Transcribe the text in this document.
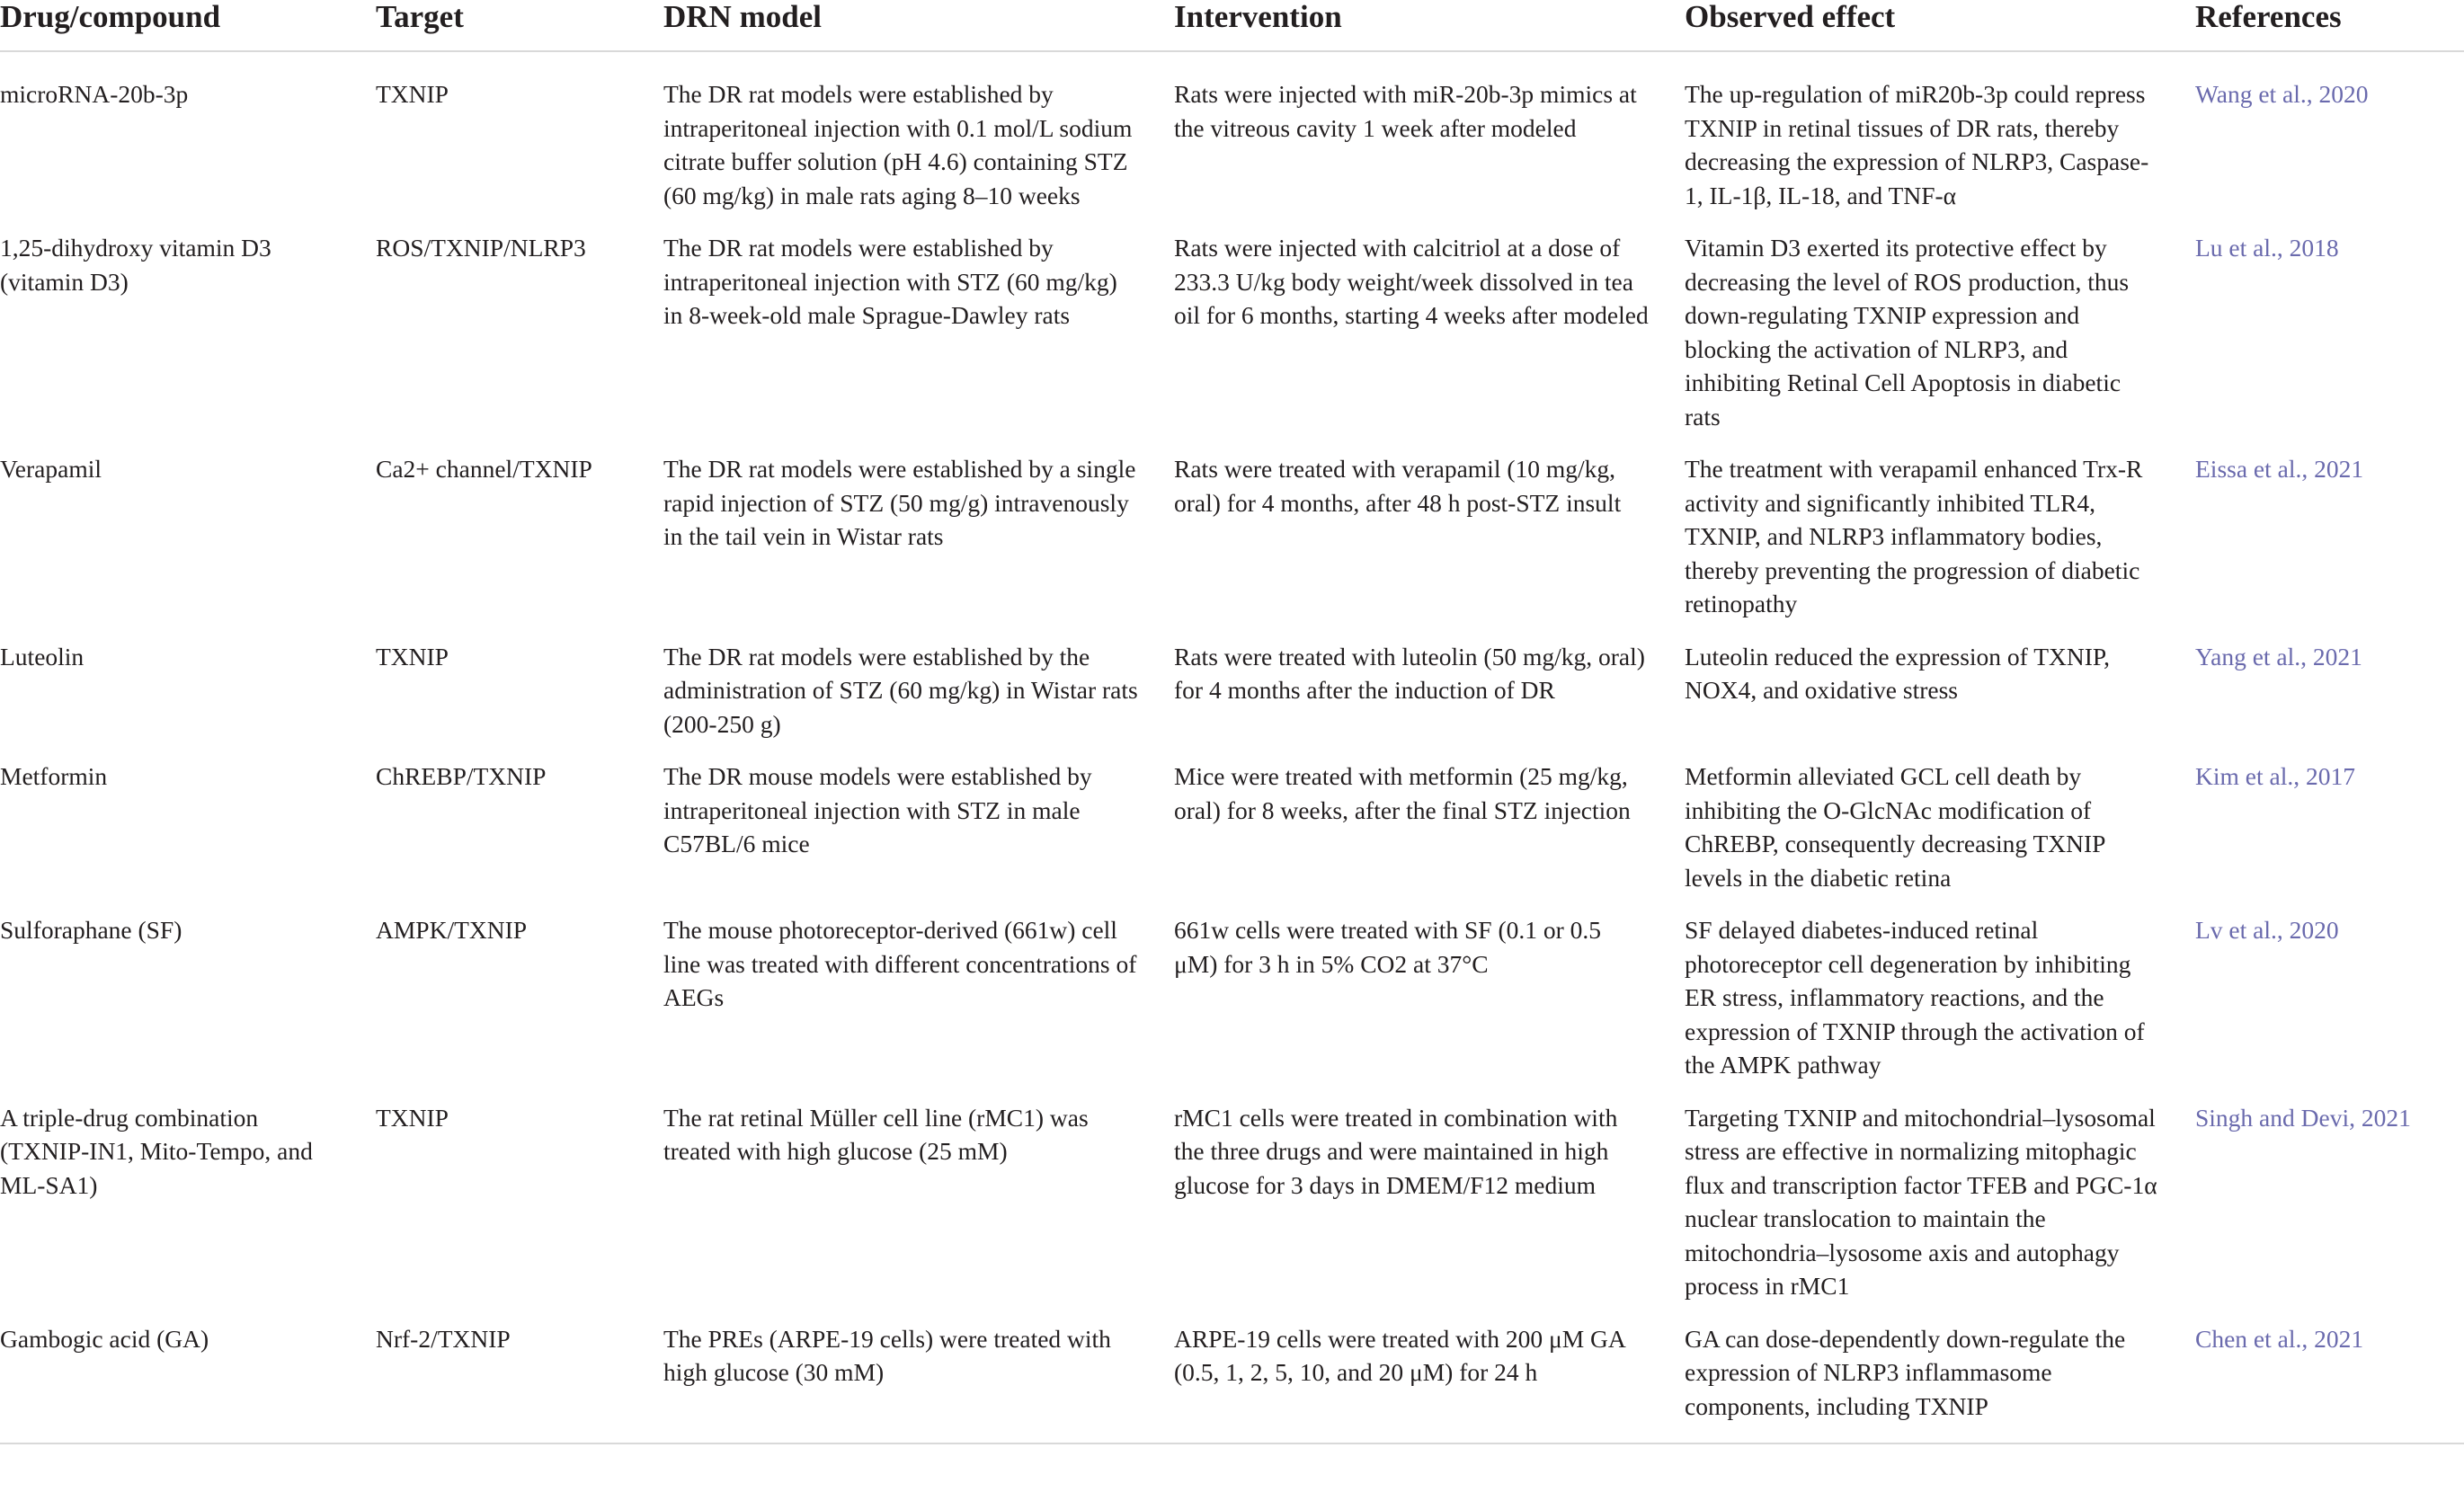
Drug/compound	Target	DRN model	Intervention	Observed effect	References
microRNA-20b-3p	TXNIP	The DR rat models were established by intraperitoneal injection with 0.1 mol/L sodium citrate buffer solution (pH 4.6) containing STZ (60 mg/kg) in male rats aging 8–10 weeks	Rats were injected with miR-20b-3p mimics at the vitreous cavity 1 week after modeled	The up-regulation of miR20b-3p could repress TXNIP in retinal tissues of DR rats, thereby decreasing the expression of NLRP3, Caspase-1, IL-1β, IL-18, and TNF-α	Wang et al., 2020
1,25-dihydroxy vitamin D3 (vitamin D3)	ROS/TXNIP/NLRP3	The DR rat models were established by intraperitoneal injection with STZ (60 mg/kg) in 8-week-old male Sprague-Dawley rats	Rats were injected with calcitriol at a dose of 233.3 U/kg body weight/week dissolved in tea oil for 6 months, starting 4 weeks after modeled	Vitamin D3 exerted its protective effect by decreasing the level of ROS production, thus down-regulating TXNIP expression and blocking the activation of NLRP3, and inhibiting Retinal Cell Apoptosis in diabetic rats	Lu et al., 2018
Verapamil	Ca2+ channel/TXNIP	The DR rat models were established by a single rapid injection of STZ (50 mg/g) intravenously in the tail vein in Wistar rats	Rats were treated with verapamil (10 mg/kg, oral) for 4 months, after 48 h post-STZ insult	The treatment with verapamil enhanced Trx-R activity and significantly inhibited TLR4, TXNIP, and NLRP3 inflammatory bodies, thereby preventing the progression of diabetic retinopathy	Eissa et al., 2021
Luteolin	TXNIP	The DR rat models were established by the administration of STZ (60 mg/kg) in Wistar rats (200-250 g)	Rats were treated with luteolin (50 mg/kg, oral) for 4 months after the induction of DR	Luteolin reduced the expression of TXNIP, NOX4, and oxidative stress	Yang et al., 2021
Metformin	ChREBP/TXNIP	The DR mouse models were established by intraperitoneal injection with STZ in male C57BL/6 mice	Mice were treated with metformin (25 mg/kg, oral) for 8 weeks, after the final STZ injection	Metformin alleviated GCL cell death by inhibiting the O-GlcNAc modification of ChREBP, consequently decreasing TXNIP levels in the diabetic retina	Kim et al., 2017
Sulforaphane (SF)	AMPK/TXNIP	The mouse photoreceptor-derived (661w) cell line was treated with different concentrations of AEGs	661w cells were treated with SF (0.1 or 0.5 μM) for 3 h in 5% CO2 at 37°C	SF delayed diabetes-induced retinal photoreceptor cell degeneration by inhibiting ER stress, inflammatory reactions, and the expression of TXNIP through the activation of the AMPK pathway	Lv et al., 2020
A triple-drug combination (TXNIP-IN1, Mito-Tempo, and ML-SA1)	TXNIP	The rat retinal Müller cell line (rMC1) was treated with high glucose (25 mM)	rMC1 cells were treated in combination with the three drugs and were maintained in high glucose for 3 days in DMEM/F12 medium	Targeting TXNIP and mitochondrial–lysosomal stress are effective in normalizing mitophagic flux and transcription factor TFEB and PGC-1α nuclear translocation to maintain the mitochondria–lysosome axis and autophagy process in rMC1	Singh and Devi, 2021
Gambogic acid (GA)	Nrf-2/TXNIP	The PREs (ARPE-19 cells) were treated with high glucose (30 mM)	ARPE-19 cells were treated with 200 μM GA (0.5, 1, 2, 5, 10, and 20 μM) for 24 h	GA can dose-dependently down-regulate the expression of NLRP3 inflammasome components, including TXNIP	Chen et al., 2021
